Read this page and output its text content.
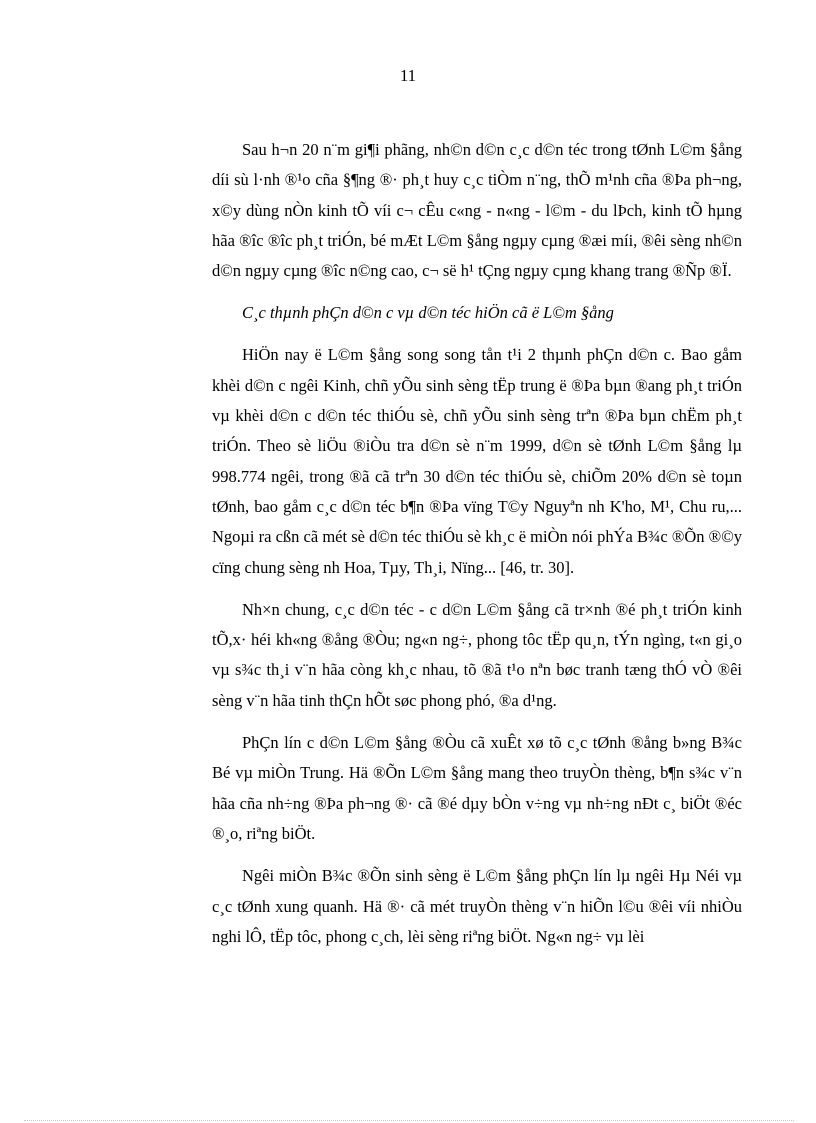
11

Sau h¬n 20 n¨m gi¶i phãng, nh©n d©n c¸c d©n téc trong tØnh L©m §ång díi sù l·nh ®¹o cña §¶ng ®· ph¸t huy c¸c tiÒm n¨ng, thÕ m¹nh cña ®Þa ph¬ng, x©y dùng nÒn kinh tÕ víi c¬ cÊu c«ng - n«ng - l©m - du lÞch, kinh tÕ hµng hãa ®îc ®îc ph¸t triÓn, bé mÆt L©m §ång ngµy cµng ®æi míi, ®êi sèng nh©n d©n ngµy cµng ®îc n©ng cao, c¬ së h¹ tÇng ngµy cµng khang trang ®Ñp ®Ï.

C¸c thµnh phÇn d©n c vµ d©n téc hiÖn cã ë L©m §ång

HiÖn nay ë L©m §ång song song tån t¹i 2 thµnh phÇn d©n c. Bao gåm khèi d©n c ngêi Kinh, chñ yÕu sinh sèng tËp trung ë ®Þa bµn ®ang ph¸t triÓn vµ khèi d©n c d©n téc thiÓu sè, chñ yÕu sinh sèng trªn ®Þa bµn chËm ph¸t triÓn. Theo sè liÖu ®iÒu tra d©n sè n¨m 1999, d©n sè tØnh L©m §ång lµ 998.774 ngêi, trong ®ã cã trªn 30 d©n téc thiÓu sè, chiÕm 20% d©n sè toµn tØnh, bao gåm c¸c d©n téc b¶n ®Þa vïng T©y Nguyªn nh K'ho, M¹, Chu ru,... Ngoµi ra cßn cã mét sè d©n téc thiÓu sè kh¸c ë miÒn nói phÝa B¾c ®Õn ®©y cïng chung sèng nh Hoa, Tµy, Th¸i, Nïng... [46, tr. 30].

Nh×n chung, c¸c d©n téc - c d©n L©m §ång cã tr×nh ®é ph¸t triÓn kinh tÕ,x· héi kh«ng ®ång ®Òu; ng«n ng÷, phong tôc tËp qu¸n, tÝn ngìng, t«n gi¸o vµ s¾c th¸i v¨n hãa còng kh¸c nhau, tõ ®ã t¹o nªn bøc tranh tæng thÓ vÒ ®êi sèng v¨n hãa tinh thÇn hÕt søc phong phó, ®a d¹ng.

PhÇn lín c d©n L©m §ång ®Òu cã xuÊt xø tõ c¸c tØnh ®ång b»ng B¾c Bé vµ miÒn Trung. Hä ®Õn L©m §ång mang theo truyÒn thèng, b¶n s¾c v¨n hãa cña nh÷ng ®Þa ph¬ng ®· cã ®é dµy bÒn v÷ng vµ nh÷ng nÐt c¸ biÖt ®éc ®¸o, riªng biÖt.

Ngêi miÒn B¾c ®Õn sinh sèng ë L©m §ång phÇn lín lµ ngêi Hµ Néi vµ c¸c tØnh xung quanh. Hä ®· cã mét truyÒn thèng v¨n hiÕn l©u ®êi víi nhiÒu nghi lÔ, tËp tôc, phong c¸ch, lèi sèng riªng biÖt. Ng«n ng÷ vµ lèi
